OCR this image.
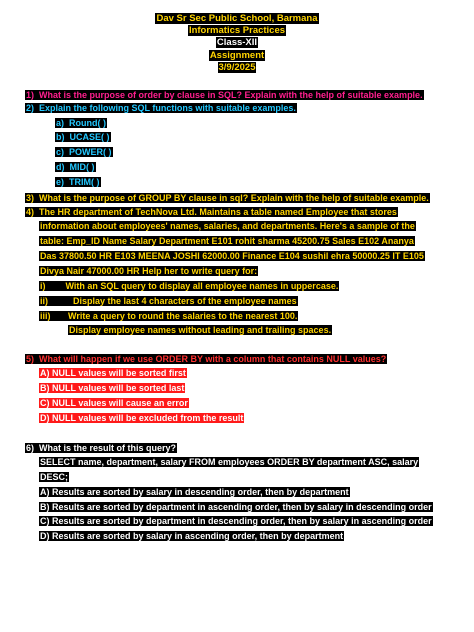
Dav Sr Sec Public School, Barmana
Informatics Practices
Class-XII
Assignment
3/9/2025
1)  What is the purpose of order by clause in SQL? Explain with the help of suitable example.
2)  Explain the following SQL functions with suitable examples.
a)  Round( )
b)  UCASE( )
c)  POWER( )
d)  MID( )
e)  TRIM( )
3)  What is the purpose of GROUP BY clause in sql? Explain with the help of suitable example.
4)  The HR department of TechNova Ltd. Maintains a table named Employee that stores
information about employees' names, salaries, and departments. Here's a sample of the
table: Emp_ID Name Salary Department E101 rohit sharma 45200.75 Sales E102 Ananya
Das 37800.50 HR E103 MEENA JOSHI 62000.00 Finance E104 sushil ehra 50000.25 IT E105
Divya Nair 47000.00 HR Help her to write query for:
i)        With an SQL query to display all employee names in uppercase.
ii)          Display the last 4 characters of the employee names
iii)       Write a query to round the salaries to the nearest 100.
Display employee names without leading and trailing spaces.
5)  What will happen if we use ORDER BY with a column that contains NULL values?
A) NULL values will be sorted first
B) NULL values will be sorted last
C) NULL values will cause an error
D) NULL values will be excluded from the result
6)  What is the result of this query?
SELECT name, department, salary FROM employees ORDER BY department ASC, salary
DESC;
A) Results are sorted by salary in descending order, then by department
B) Results are sorted by department in ascending order, then by salary in descending order
C) Results are sorted by department in descending order, then by salary in ascending order
D) Results are sorted by salary in ascending order, then by department
